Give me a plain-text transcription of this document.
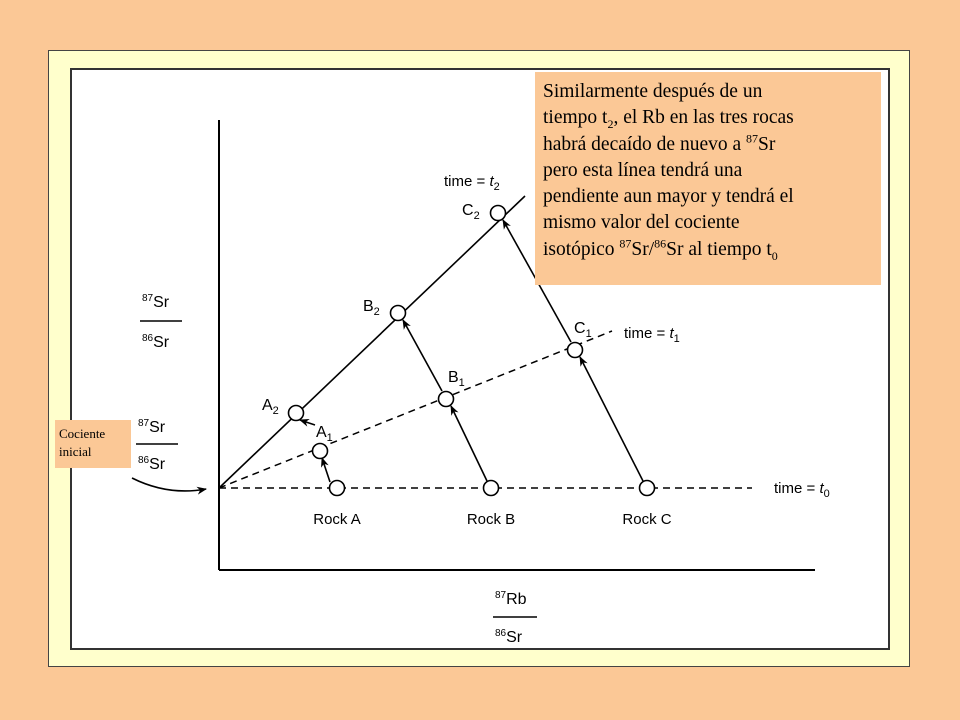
$A_1$
$A_2$
$B_1$
$B_2$
$C_1$
$C_2$
Rock A	Rock B	Rock C
time = $t_0$
time = $t_1$
time = $t_2$
$^{87}$Sr
$^{86}$Sr
$^{87}$Sr
$^{86}$Sr
$^{87}$Rb
$^{86}$Sr
Cociente
inicial
Similarmente después de un
tiempo $t_2$, el Rb en las tres rocas
habrá decaído de nuevo a $^{87}$Sr
pero esta línea tendrá una
pendiente aun mayor y tendrá el
mismo valor del cociente
isotópico $^{87}$Sr/$^{86}$Sr al tiempo $t_0$
